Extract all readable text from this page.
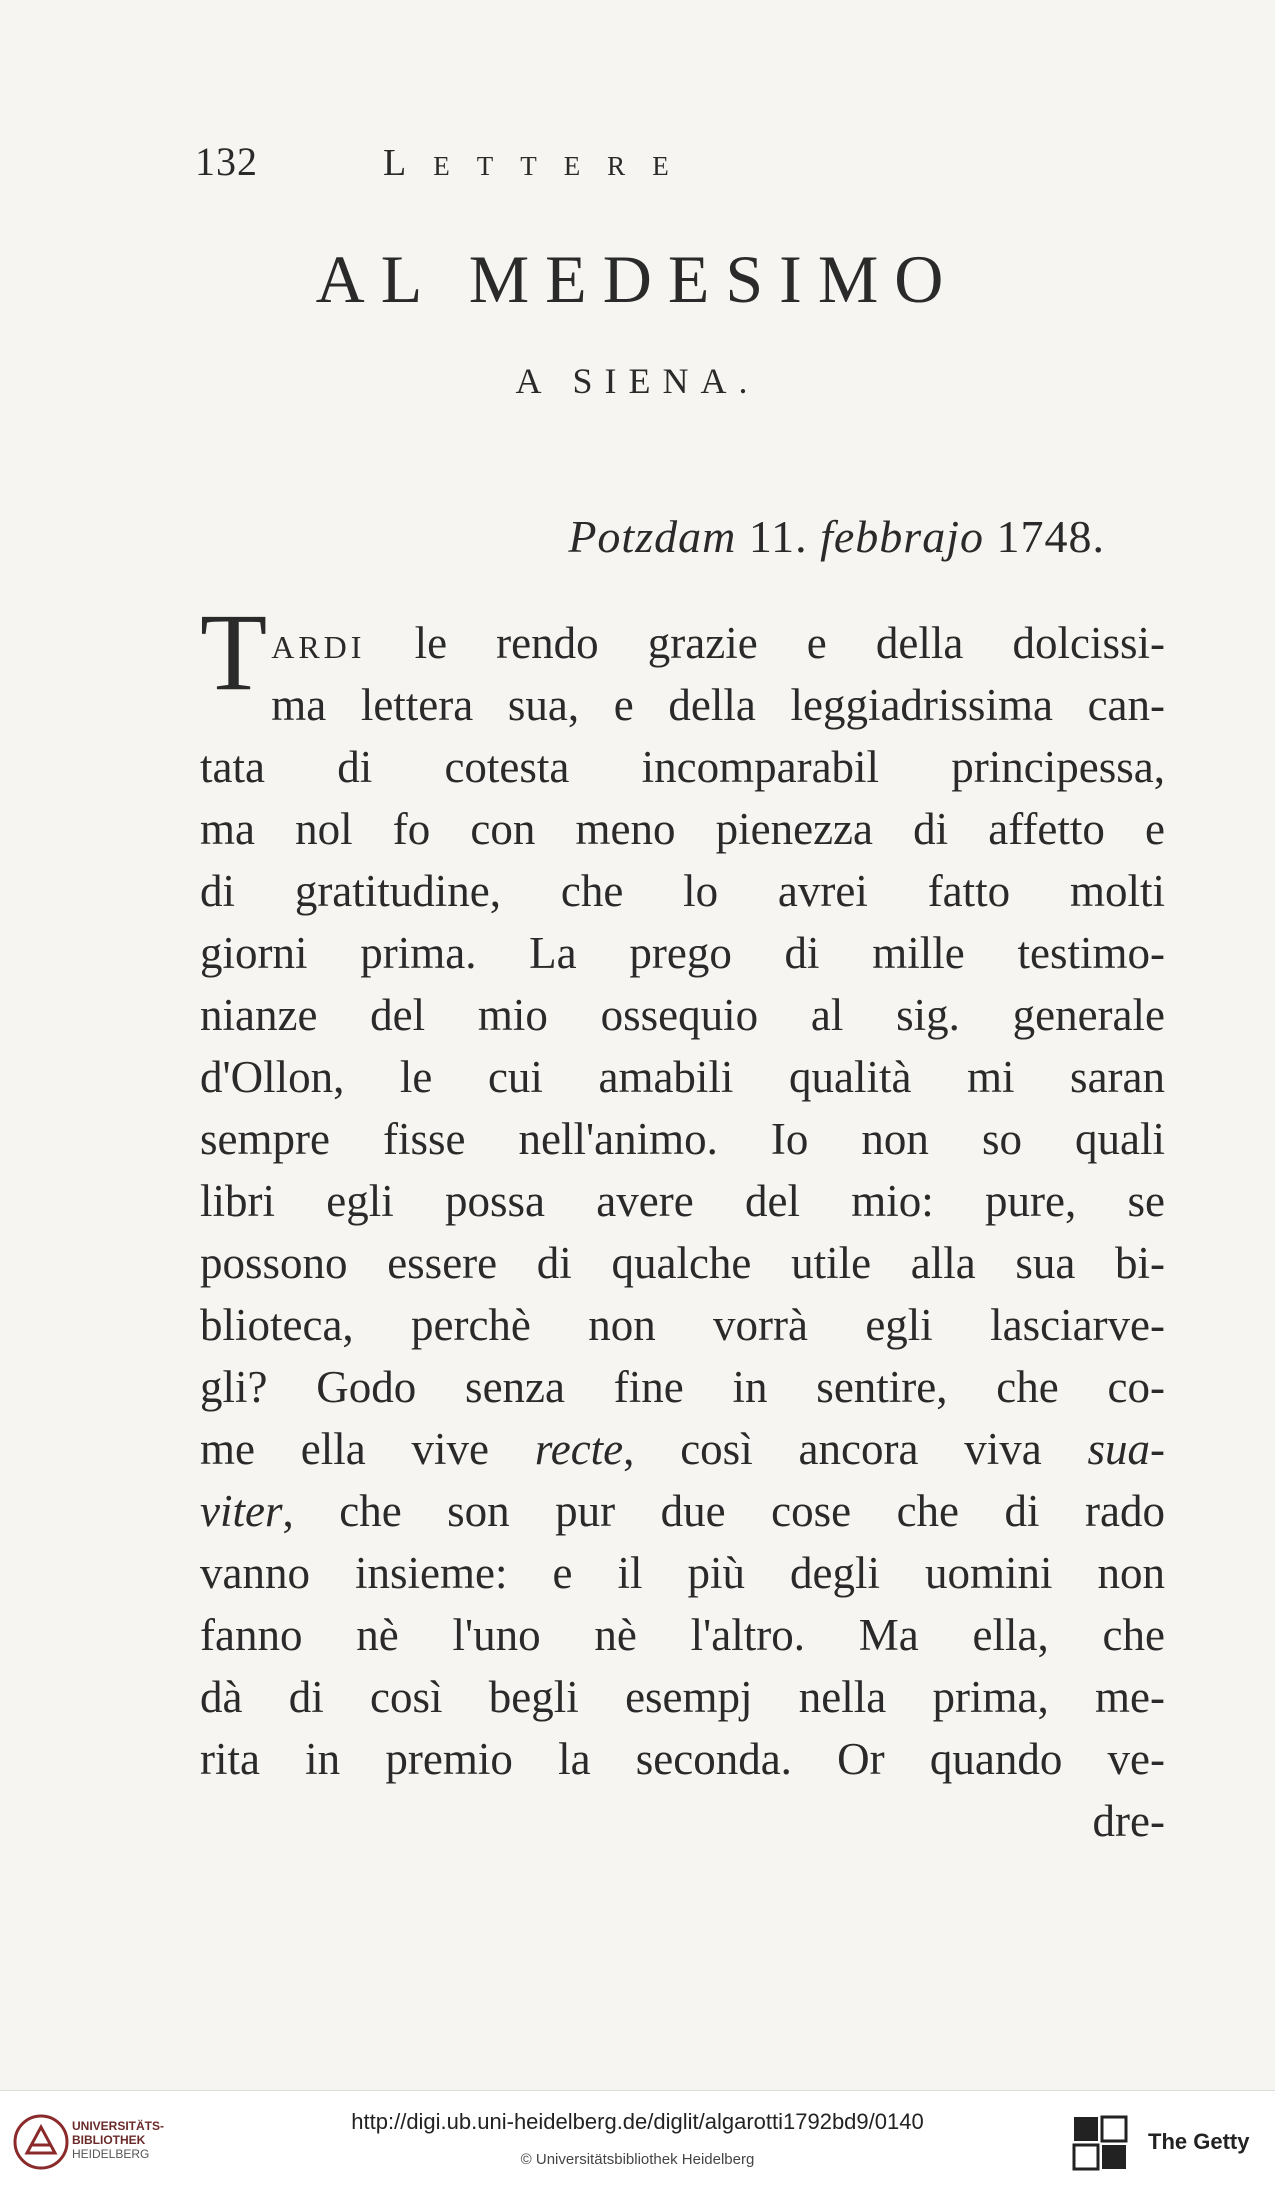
132	Lettere
AL MEDESIMO
A SIENA.
Potzdam 11. febbrajo 1748.
Tardi le rendo grazie e della dolcissi-
ma lettera sua, e della leggiadrissima can-
tata di cotesta incomparabil principessa,
ma nol fo con meno pienezza di affetto e
di gratitudine, che lo avrei fatto molti
giorni prima. La prego di mille testimo-
nianze del mio ossequio al sig. generale
d'Ollon, le cui amabili qualità mi saran
sempre fisse nell'animo. Io non so quali
libri egli possa avere del mio: pure, se
possono essere di qualche utile alla sua bi-
blioteca, perchè non vorrà egli lasciarve-
gli? Godo senza fine in sentire, che co-
me ella vive recte, così ancora viva sua-
viter, che son pur due cose che di rado
vanno insieme: e il più degli uomini non
fanno nè l'uno nè l'altro. Ma ella, che
dà di così begli esempj nella prima, me-
rita in premio la seconda. Or quando ve-
dre-
UNIVERSITÄTS-
BIBLIOTHEK
HEIDELBERG
http://digi.ub.uni-heidelberg.de/diglit/algarotti1792bd9/0140
© Universitätsbibliothek Heidelberg
The Getty
